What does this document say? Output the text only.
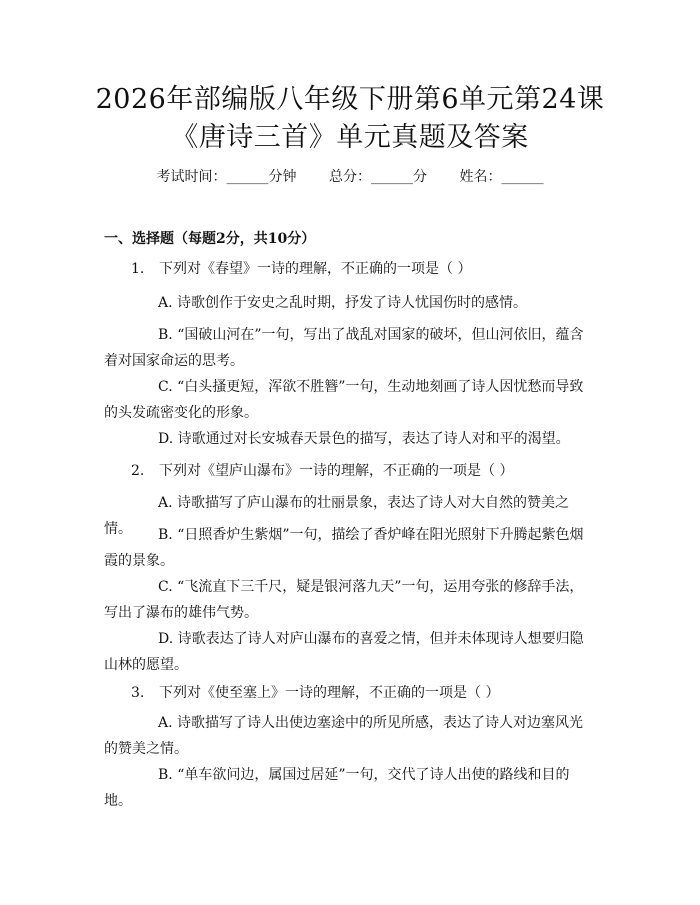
2026年部编版八年级下册第6单元第24课
《唐诗三首》单元真题及答案
考试时间：______分钟 总分：______分 姓名：______
一、选择题（每题2分，共10分）
1. 下列对《春望》一诗的理解，不正确的一项是（ ）
A. 诗歌创作于安史之乱时期，抒发了诗人忧国伤时的感情。
B. “国破山河在”一句，写出了战乱对国家的破坏，但山河依旧，蕴含着对国家命运的思考。
C. “白头搔更短，浑欲不胜簪”一句，生动地刻画了诗人因忧愁而导致的头发疏密变化的形象。
D. 诗歌通过对长安城春天景色的描写，表达了诗人对和平的渴望。
2. 下列对《望庐山瀑布》一诗的理解，不正确的一项是（ ）
A. 诗歌描写了庐山瀑布的壮丽景象，表达了诗人对大自然的赞美之情。	B. “日照香炉生紫烟”一句，描绘了香炉峰在阳光照射下升腾起紫色烟霞的景象。
C. “飞流直下三千尺，疑是银河落九天”一句，运用夸张的修辞手法，写出了瀑布的雄伟气势。
D. 诗歌表达了诗人对庐山瀑布的喜爱之情，但并未体现诗人想要归隐山林的愿望。
3. 下列对《使至塞上》一诗的理解，不正确的一项是（ ）
A. 诗歌描写了诗人出使边塞途中的所见所感，表达了诗人对边塞风光的赞美之情。
B. “单车欲问边，属国过居延”一句，交代了诗人出使的路线和目的地。
